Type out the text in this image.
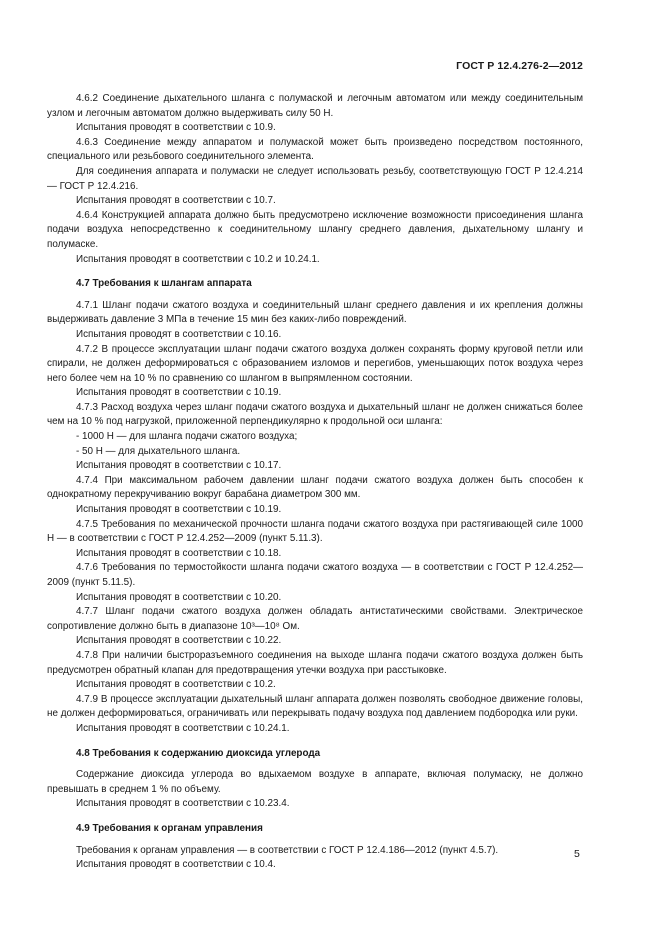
ГОСТ Р 12.4.276-2—2012

4.6.2 Соединение дыхательного шланга с полумаской и легочным автоматом или между соединительным узлом и легочным автоматом должно выдерживать силу 50 Н.

Испытания проводят в соответствии с 10.9.

4.6.3 Соединение между аппаратом и полумаской может быть произведено посредством постоянного, специального или резьбового соединительного элемента.

Для соединения аппарата и полумаски не следует использовать резьбу, соответствующую ГОСТ Р 12.4.214 — ГОСТ Р 12.4.216.

Испытания проводят в соответствии с 10.7.

4.6.4 Конструкцией аппарата должно быть предусмотрено исключение возможности присоединения шланга подачи воздуха непосредственно к соединительному шлангу среднего давления, дыхательному шлангу и полумаске.

Испытания проводят в соответствии с 10.2 и 10.24.1.

4.7 Требования к шлангам аппарата

4.7.1 Шланг подачи сжатого воздуха и соединительный шланг среднего давления и их крепления должны выдерживать давление 3 МПа в течение 15 мин без каких-либо повреждений.

Испытания проводят в соответствии с 10.16.

4.7.2 В процессе эксплуатации шланг подачи сжатого воздуха должен сохранять форму круговой петли или спирали, не должен деформироваться с образованием изломов и перегибов, уменьшающих поток воздуха через него более чем на 10 % по сравнению со шлангом в выпрямленном состоянии.

Испытания проводят в соответствии с 10.19.

4.7.3 Расход воздуха через шланг подачи сжатого воздуха и дыхательный шланг не должен снижаться более чем на 10 % под нагрузкой, приложенной перпендикулярно к продольной оси шланга:

- 1000 Н — для шланга подачи сжатого воздуха;

- 50 Н — для дыхательного шланга.

Испытания проводят в соответствии с 10.17.

4.7.4 При максимальном рабочем давлении шланг подачи сжатого воздуха должен быть способен к однократному перекручиванию вокруг барабана диаметром 300 мм.

Испытания проводят в соответствии с 10.19.

4.7.5 Требования по механической прочности шланга подачи сжатого воздуха при растягивающей силе 1000 Н — в соответствии с ГОСТ Р 12.4.252—2009 (пункт 5.11.3).

Испытания проводят в соответствии с 10.18.

4.7.6 Требования по термостойкости шланга подачи сжатого воздуха — в соответствии с ГОСТ Р 12.4.252—2009 (пункт 5.11.5).

Испытания проводят в соответствии с 10.20.

4.7.7 Шланг подачи сжатого воздуха должен обладать антистатическими свойствами. Электрическое сопротивление должно быть в диапазоне 10³—10⁸ Ом.

Испытания проводят в соответствии с 10.22.

4.7.8 При наличии быстроразъемного соединения на выходе шланга подачи сжатого воздуха должен быть предусмотрен обратный клапан для предотвращения утечки воздуха при расстыковке.

Испытания проводят в соответствии с 10.2.

4.7.9 В процессе эксплуатации дыхательный шланг аппарата должен позволять свободное движение головы, не должен деформироваться, ограничивать или перекрывать подачу воздуха под давлением подбородка или руки.

Испытания проводят в соответствии с 10.24.1.

4.8 Требования к содержанию диоксида углерода

Содержание диоксида углерода во вдыхаемом воздухе в аппарате, включая полумаску, не должно превышать в среднем 1 % по объему.

Испытания проводят в соответствии с 10.23.4.

4.9 Требования к органам управления

Требования к органам управления — в соответствии с ГОСТ Р 12.4.186—2012 (пункт 4.5.7).

Испытания проводят в соответствии с 10.4.

5
